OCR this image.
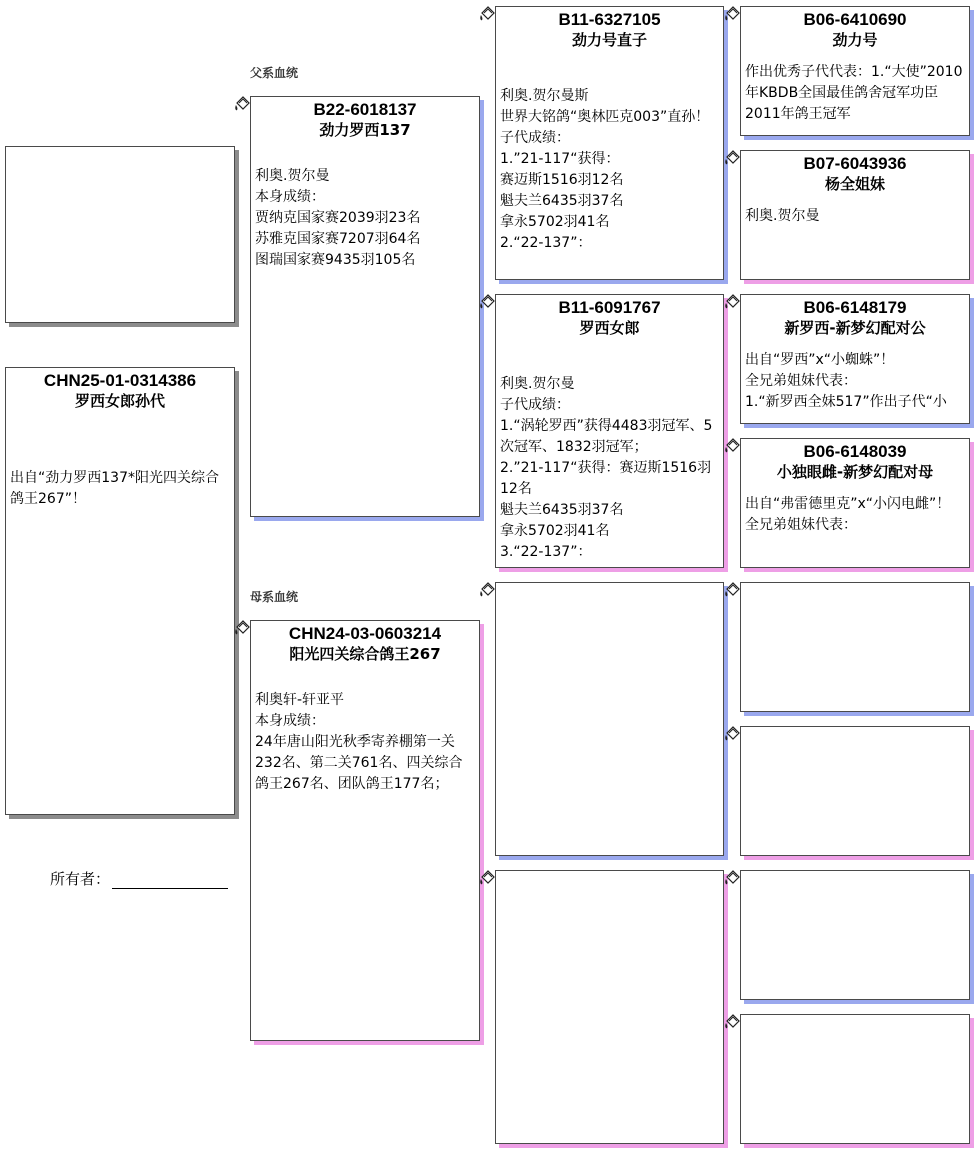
父系血统
母系血统
CHN25-01-0314386
罗西女郎孙代
出自“劲力罗西137*阳光四关综合鸽王267”！
所有者：
B22-6018137
劲力罗西137
利奥.贺尔曼
本身成绩：
贾纳克国家赛2039羽23名
苏雅克国家赛7207羽64名
图瑞国家赛9435羽105名
CHN24-03-0603214
阳光四关综合鸽王267
利奥轩-轩亚平
本身成绩：
24年唐山阳光秋季寄养棚第一关232名、第二关761名、四关综合鸽王267名、团队鸽王177名；
B11-6327105
劲力号直子
利奥.贺尔曼斯
世界大铭鸽“奥林匹克003”直孙！
子代成绩：
1.”21-117“获得：
赛迈斯1516羽12名
魁夫兰6435羽37名
拿永5702羽41名
2.“22-137”：
B11-6091767
罗西女郎
利奥.贺尔曼
子代成绩：
1.“涡轮罗西”获得4483羽冠军、5次冠军、1832羽冠军；
2.”21-117“获得：赛迈斯1516羽12名
魁夫兰6435羽37名
拿永5702羽41名
3.“22-137”：
B06-6410690
劲力号
作出优秀子代代表：1.“大使”2010年KBDB全国最佳鸽舍冠军功臣2011年鸽王冠军
B07-6043936
杨全姐妹
利奥.贺尔曼
B06-6148179
新罗西-新梦幻配对公
出自“罗西”x“小蜘蛛”！
全兄弟姐妹代表：
1.“新罗西全妹517”作出子代“小
B06-6148039
小独眼雌-新梦幻配对母
出自“弗雷德里克”x“小闪电雌”！
全兄弟姐妹代表：
